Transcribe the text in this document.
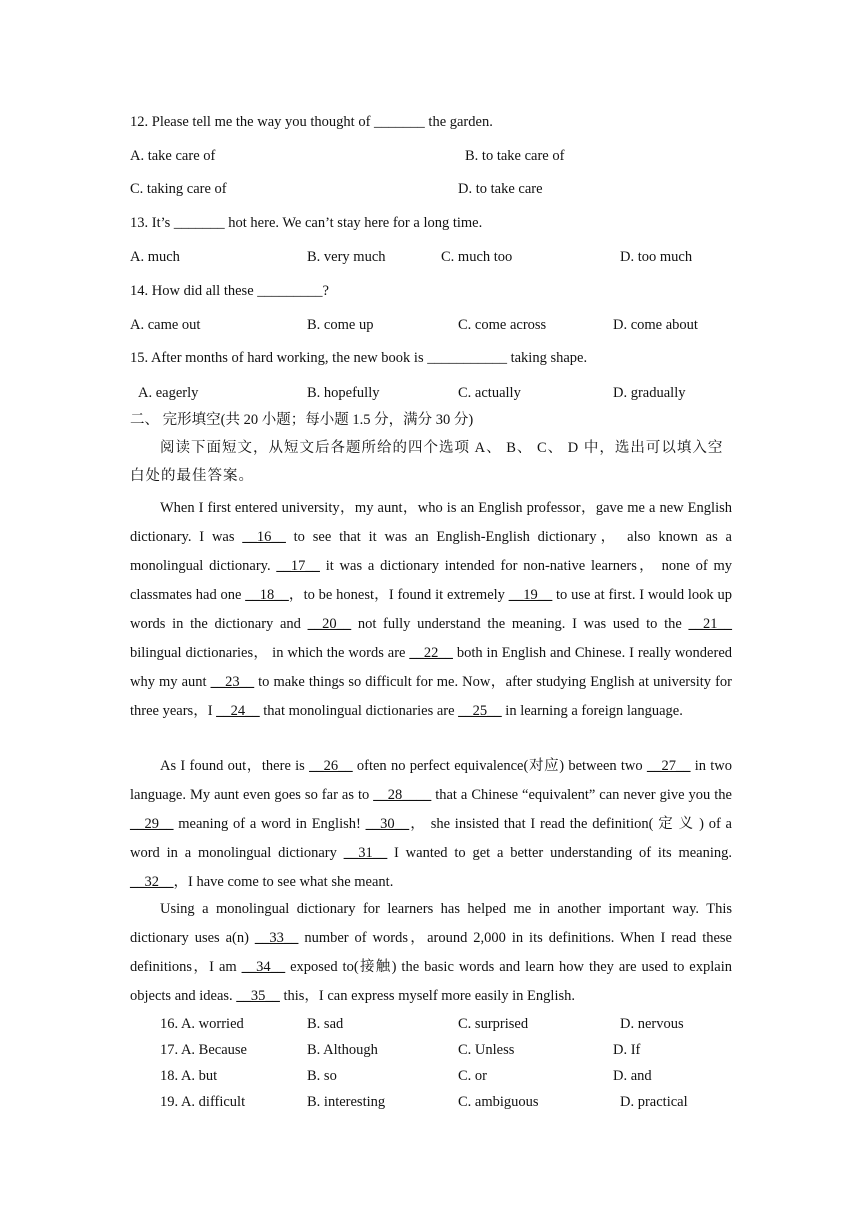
12. Please tell me the way you thought of _______ the garden.
A. take care of	B. to take care of
C. taking care of	D. to take care
13. It’s _______ hot here. We can’t stay here for a long time.
A. much	B. very much	C. much too	D. too much
14. How did all these _________?
A. came out	B. come up	C. come across	D. come about
15. After months of hard working, the new book is ___________ taking shape.
A. eagerly	B. hopefully	C. actually	D. gradually
二、 完形填空(共 20 小题；每小题 1.5 分，满分 30 分)

阅读下面短文，从短文后各题所给的四个选项 A、 B、 C、 D 中，选出可以填入空白处的最佳答案。

When I first entered university，my aunt，who is an English professor，gave me a new English dictionary. I was __16__ to see that it was an English-English dictionary， also known as a monolingual dictionary. __17__ it was a dictionary intended for non-native learners， none of my classmates had one __18__，to be honest，I found it extremely __19__ to use at first. I would look up words in the dictionary and __20__ not fully understand the meaning. I was used to the __21__ bilingual dictionaries， in which the words are __22__ both in English and Chinese. I really wondered why my aunt __23__ to make things so difficult for me. Now，after studying English at university for three years，I __24__ that monolingual dictionaries are __25__ in learning a foreign language.

As I found out，there is __26__ often no perfect equivalence(对应) between two __27__ in two language. My aunt even goes so far as to __28____ that a Chinese “equivalent” can never give you the __29__ meaning of a word in English! __30__， she insisted that I read the definition( 定 义 ) of a word in a monolingual dictionary __31__ I wanted to get a better understanding of its meaning. __32__，I have come to see what she meant.

Using a monolingual dictionary for learners has helped me in another important way. This dictionary uses a(n) __33__ number of words，around 2,000 in its definitions. When I read these definitions，I am __34__ exposed to(接触) the basic words and learn how they are used to explain objects and ideas. __35__ this，I can express myself more easily in English.

16. A. worried	B. sad	C. surprised	D. nervous
17. A. Because	B. Although	C. Unless	D. If
18. A. but	B. so	C. or	D. and
19. A. difficult	B. interesting	C. ambiguous	D. practical
